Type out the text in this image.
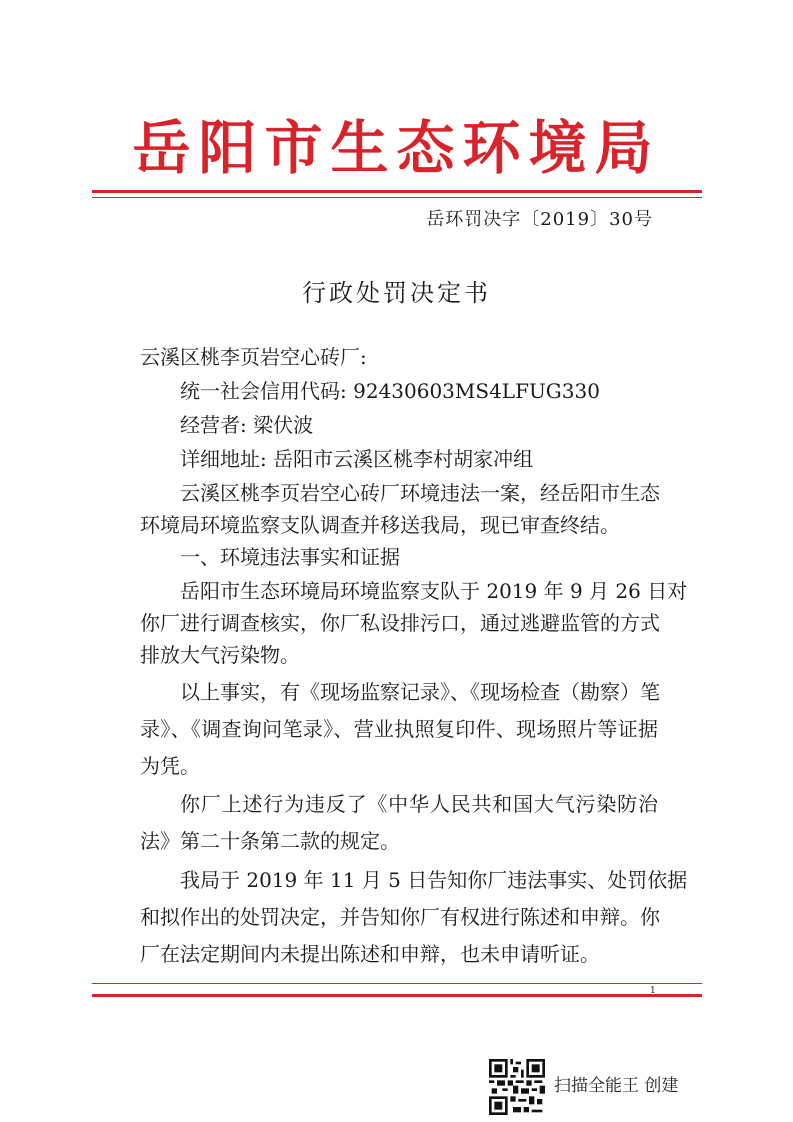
岳阳市生态环境局
岳环罚决字〔2019〕30号
行政处罚决定书
云溪区桃李页岩空心砖厂:
统一社会信用代码: 92430603MS4LFUG330
经营者: 梁伏波
详细地址: 岳阳市云溪区桃李村胡家冲组
云溪区桃李页岩空心砖厂环境违法一案，经岳阳市生态
环境局环境监察支队调查并移送我局，现已审查终结。
一、环境违法事实和证据
岳阳市生态环境局环境监察支队于 2019 年 9 月 26 日对
你厂进行调查核实，你厂私设排污口，通过逃避监管的方式
排放大气污染物。
以上事实，有《现场监察记录》、《现场检查（勘察）笔
录》、《调查询问笔录》、营业执照复印件、现场照片等证据
为凭。
你厂上述行为违反了《中华人民共和国大气污染防治
法》第二十条第二款的规定。
我局于 2019 年 11 月 5 日告知你厂违法事实、处罚依据
和拟作出的处罚决定，并告知你厂有权进行陈述和申辩。你
厂在法定期间内未提出陈述和申辩，也未申请听证。
1
扫描全能王 创建
